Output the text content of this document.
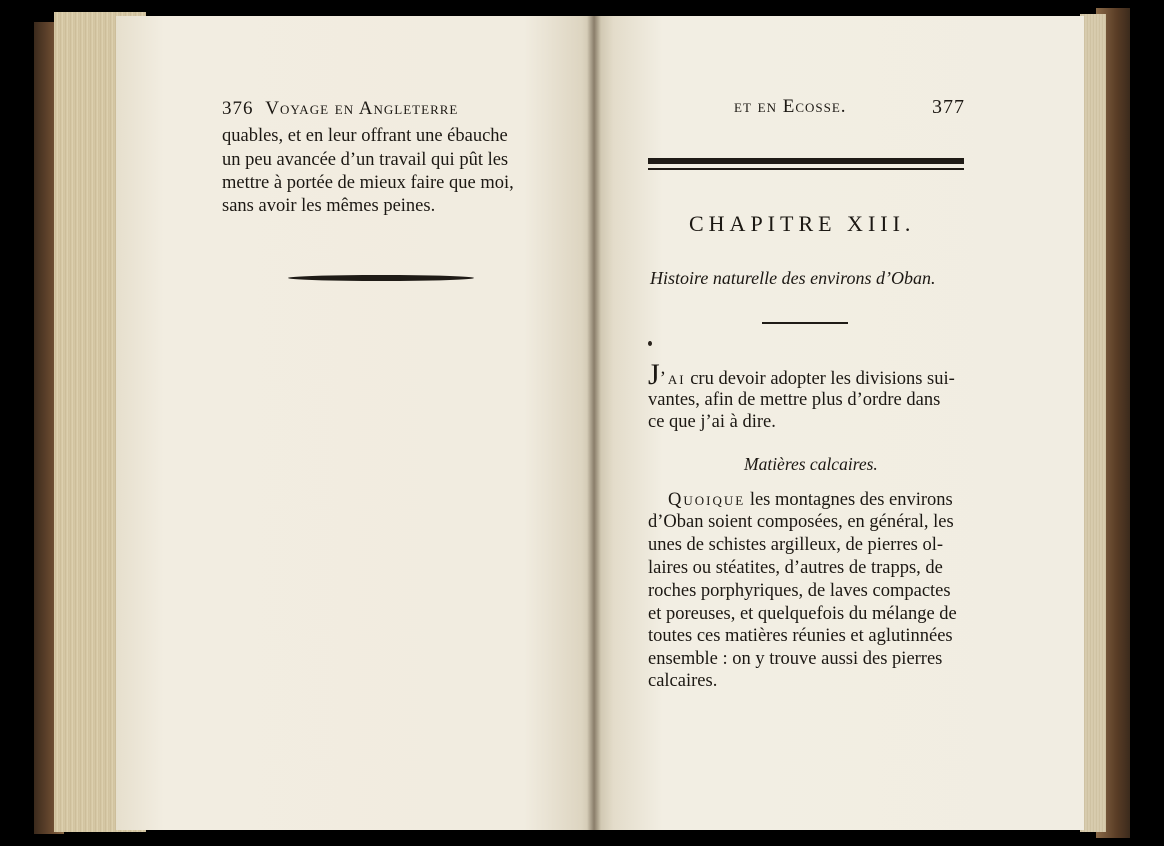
376 Voyage en Angleterre
quables, et en leur offrant une ébauche
un peu avancée d’un travail qui pût les
mettre à portée de mieux faire que moi,
sans avoir les mêmes peines.
et en Ecosse.	377
CHAPITRE XIII.
Histoire naturelle des environs d’Oban.
J’ai cru devoir adopter les divisions sui-
vantes, afin de mettre plus d’ordre dans
ce que j’ai à dire.
Matières calcaires.
Quoique les montagnes des environs
d’Oban soient composées, en général, les
unes de schistes argilleux, de pierres ol-
laires ou stéatites, d’autres de trapps, de
roches porphyriques, de laves compactes
et poreuses, et quelquefois du mélange de
toutes ces matières réunies et aglutinnées
ensemble : on y trouve aussi des pierres
calcaires.
